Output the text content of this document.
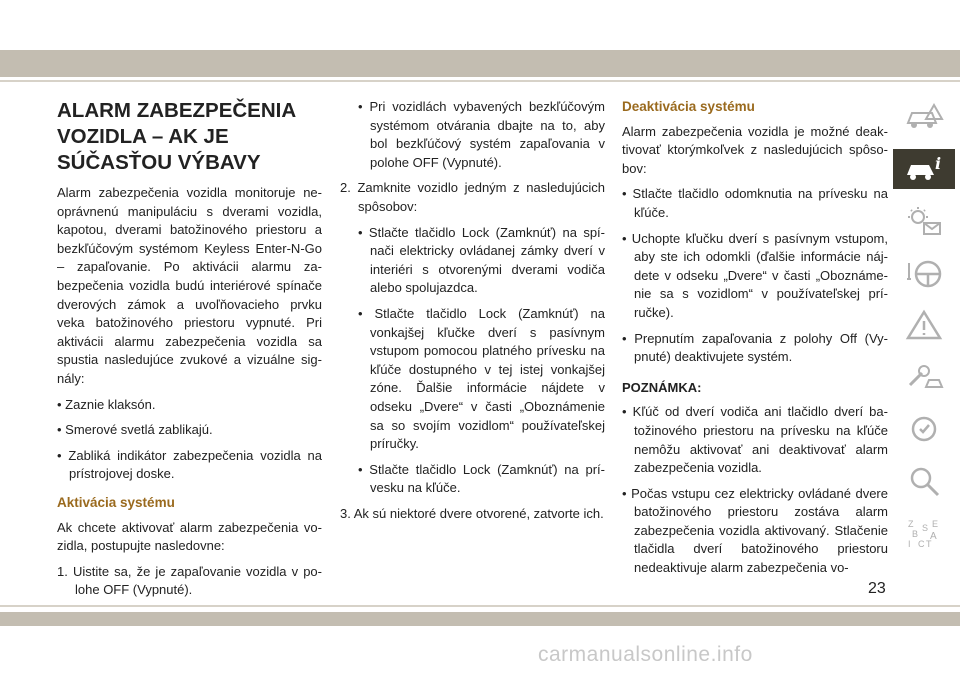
ALARM ZABEZPEČENIA
VOZIDLA – AK JE
SÚČASŤOU VÝBAVY

Alarm zabezpečenia vozidla monitoruje neoprávnenú manipuláciu s dverami vozidla, kapotou, dverami batožinového priestoru a bezkľúčovým systémom Keyless Enter-N-Go – zapaľovanie. Po aktivácii alarmu zabezpečenia vozidla budú interiérové spínače dverových zámok a uvoľňovacieho prvku veka batožinového priestoru vypnuté. Pri aktivácii alarmu zabezpečenia vozidla sa spustia nasledujúce zvukové a vizuálne signály:

• Zaznie klaksón.
• Smerové svetlá zablikajú.
• Zabliká indikátor zabezpečenia vozidla na prístrojovej doske.
Aktivácia systému

Ak chcete aktivovať alarm zabezpečenia vozidla, postupujte nasledovne:

1. Uistite sa, že je zapaľovanie vozidla v polohe OFF (Vypnuté).
• Pri vozidlách vybavených bezkľúčovým systémom otvárania dbajte na to, aby bol bezkľúčový systém zapaľovania v polohe OFF (Vypnuté).
2. Zamknite vozidlo jedným z nasledujúcich spôsobov:
• Stlačte tlačidlo Lock (Zamknúť) na spínači elektricky ovládanej zámky dverí v interiéri s otvorenými dverami vodiča alebo spolujazdca.
• Stlačte tlačidlo Lock (Zamknúť) na vonkajšej kľučke dverí s pasívnym vstupom pomocou platného prívesku na kľúče dostupného v tej istej vonkajšej zóne. Ďalšie informácie nájdete v odseku „Dvere“ v časti „Oboznámenie sa so svojím vozidlom“ používateľskej príručky.
• Stlačte tlačidlo Lock (Zamknúť) na prívesku na kľúče.
3. Ak sú niektoré dvere otvorené, zatvorte ich.
Deaktivácia systému

Alarm zabezpečenia vozidla je možné deaktivovať ktorýmkoľvek z nasledujúcich spôsobov:

• Stlačte tlačidlo odomknutia na prívesku na kľúče.
• Uchopte kľučku dverí s pasívnym vstupom, aby ste ich odomkli (ďalšie informácie nájdete v odseku „Dvere“ v časti „Oboznámenie sa s vozidlom“ v používateľskej príručke).
• Prepnutím zapaľovania z polohy Off (Vypnuté) deaktivujete systém.
POZNÁMKA:
• Kľúč od dverí vodiča ani tlačidlo dverí batožinového priestoru na prívesku na kľúče nemôžu aktivovať ani deaktivovať alarm zabezpečenia vozidla.
• Počas vstupu cez elektricky ovládané dvere batožinového priestoru zostáva alarm zabezpečenia vozidla aktivovaný. Stlačenie tlačidla dverí batožinového priestoru nedeaktivuje alarm zabezpečenia vo-
i
Z E
B A
C
I T
S
23
carmanualsonline.info
